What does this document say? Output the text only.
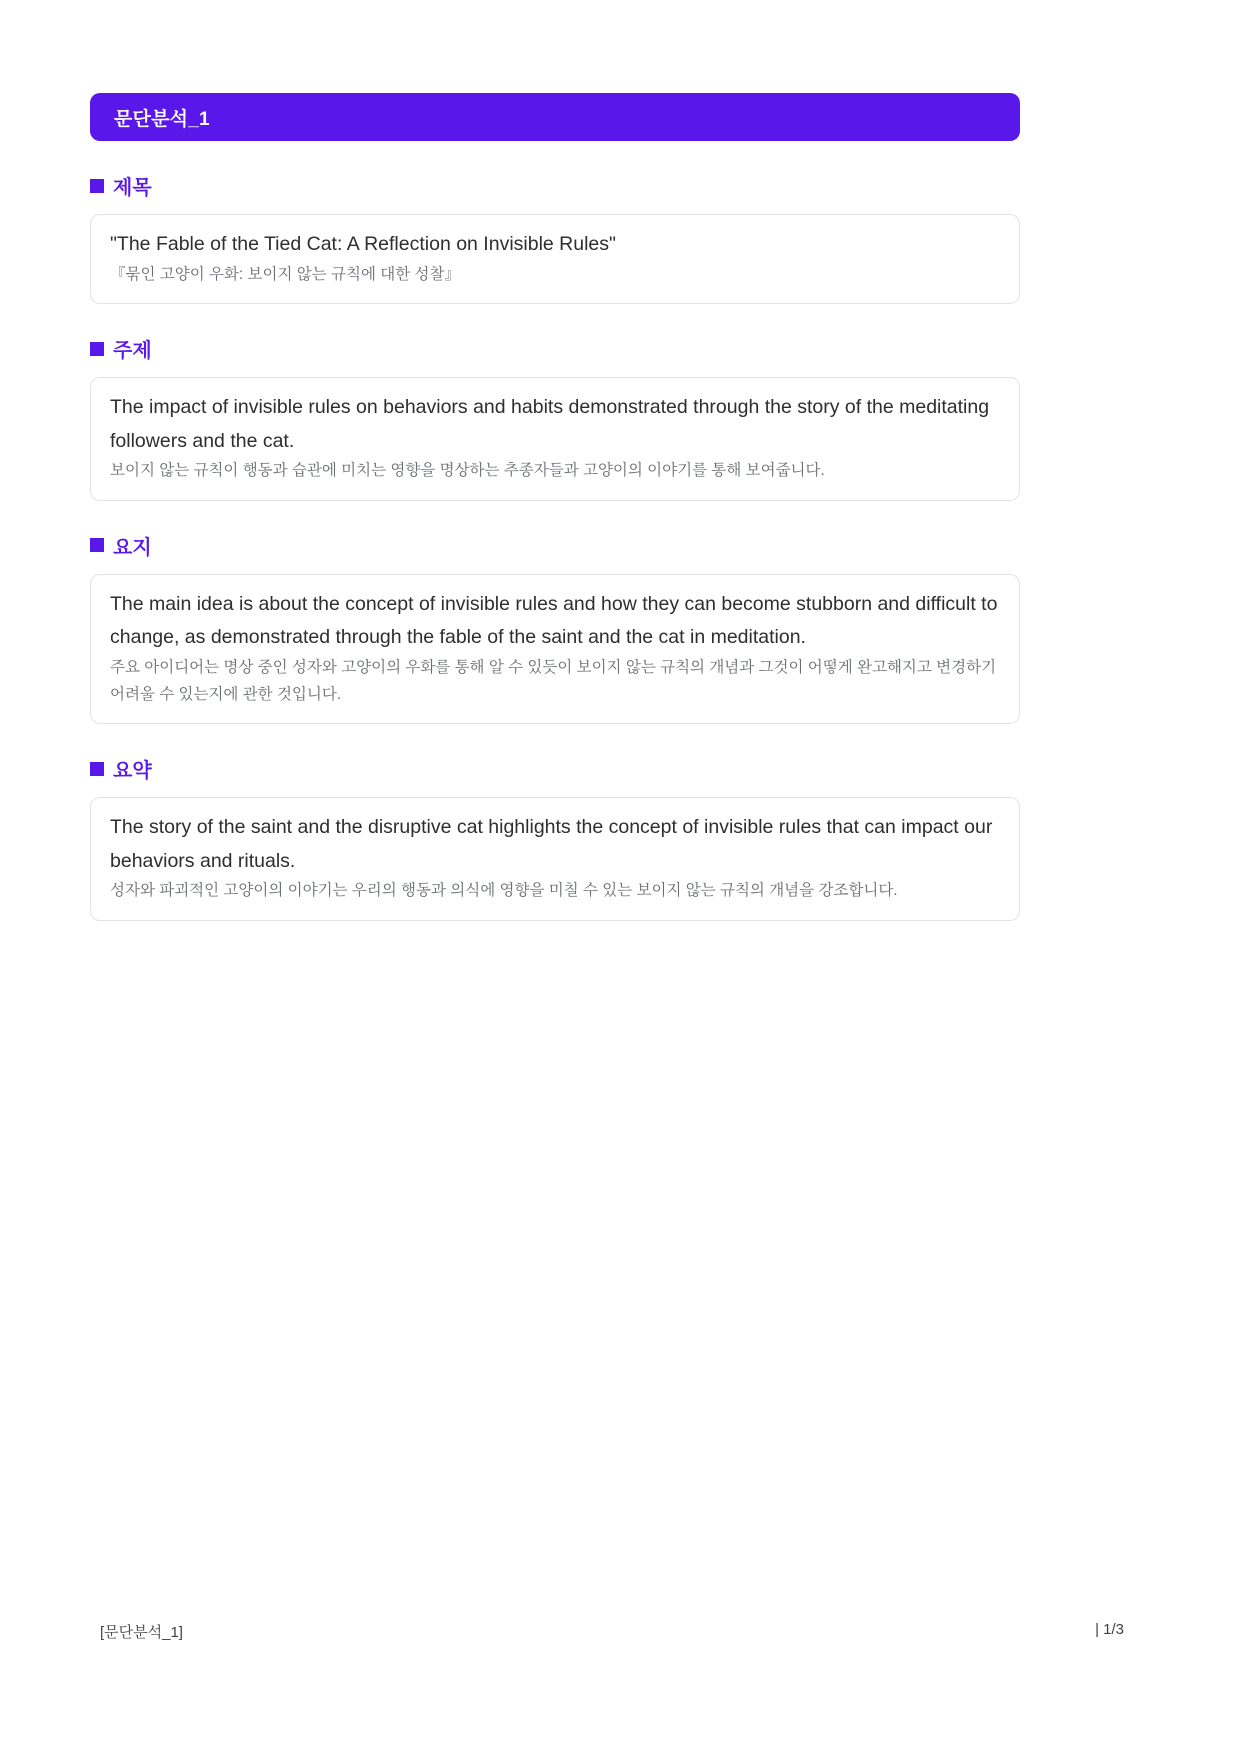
문단분석_1
제목

"The Fable of the Tied Cat: A Reflection on Invisible Rules"

『묶인 고양이 우화: 보이지 않는 규칙에 대한 성찰』

주제

The impact of invisible rules on behaviors and habits demonstrated through the story of the meditating followers and the cat.

보이지 않는 규칙이 행동과 습관에 미치는 영향을 명상하는 추종자들과 고양이의 이야기를 통해 보여줍니다.

요지

The main idea is about the concept of invisible rules and how they can become stubborn and difficult to change, as demonstrated through the fable of the saint and the cat in meditation.

주요 아이디어는 명상 중인 성자와 고양이의 우화를 통해 알 수 있듯이 보이지 않는 규칙의 개념과 그것이 어떻게 완고해지고 변경하기 어려울 수 있는지에 관한 것입니다.

요약

The story of the saint and the disruptive cat highlights the concept of invisible rules that can impact our behaviors and rituals.

성자와 파괴적인 고양이의 이야기는 우리의 행동과 의식에 영향을 미칠 수 있는 보이지 않는 규칙의 개념을 강조합니다.

[문단분석_1]	| 1/3
